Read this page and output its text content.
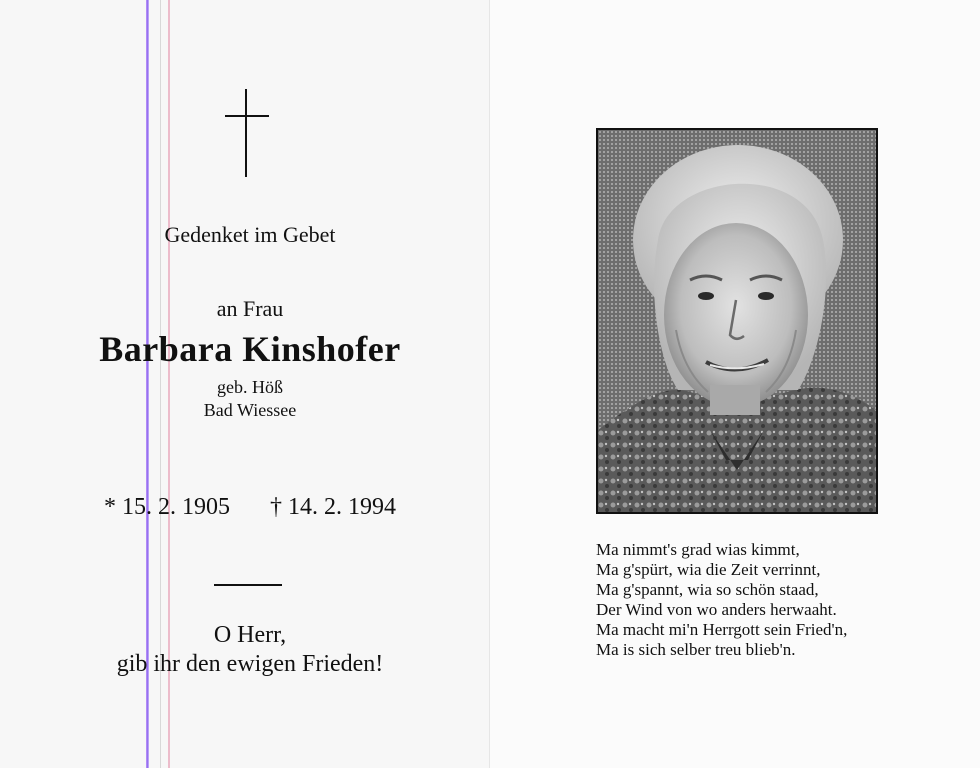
Gedenket im Gebet
an Frau
Barbara Kinshofer
geb. Höß
Bad Wiessee
* 15. 2. 1905 † 14. 2. 1994
O Herr,
gib ihr den ewigen Frieden!
Ma nimmt's grad wias kimmt,
Ma g'spürt, wia die Zeit verrinnt,
Ma g'spannt, wia so schön staad,
Der Wind von wo anders herwaaht.
Ma macht mi'n Herrgott sein Fried'n,
Ma is sich selber treu blieb'n.
